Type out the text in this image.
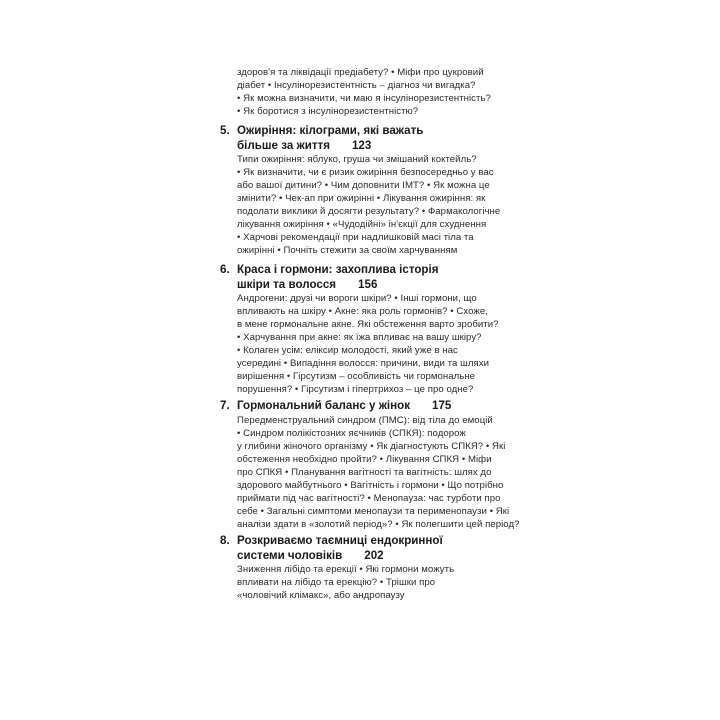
здоров'я та ліквідації предіабету? • Міфи про цукровий
діабет • Інсулінорезистентність – діагноз чи вигадка?
• Як можна визначити, чи маю я інсулінорезистентність?
• Як боротися з інсулінорезистентністю?
5. Ожиріння: кілограми, які важать
більше за життя 123
Типи ожиріння: яблуко, груша чи змішаний коктейль?
• Як визначити, чи є ризик ожиріння безпосередньо у вас
або вашої дитини? • Чим доповнити ІМТ? • Як можна це
змінити? • Чек-ап при ожирінні • Лікування ожиріння: як
подолати виклики й досягти результату? • Фармакологічне
лікування ожиріння • «Чудодійні» ін'єкції для схуднення
• Харчові рекомендації при надлишковій масі тіла та
ожирінні • Почніть стежити за своїм харчуванням
6. Краса і гормони: захоплива історія
шкіри та волосся 156
Андрогени: друзі чи вороги шкіри? • Інші гормони, що
впливають на шкіру • Акне: яка роль гормонів? • Схоже,
в мене гормональне акне. Які обстеження варто зробити?
• Харчування при акне: як їжа впливає на вашу шкіру?
• Колаген усім: еліксир молодості, який уже в нас
усередині • Випадіння волосся: причини, види та шляхи
вирішення • Гірсутизм – особливість чи гормональне
порушення? • Гірсутизм і гіпертрихоз – це про одне?
7. Гормональний баланс у жінок 175
Передменструальний синдром (ПМС): від тіла до емоцій
• Синдром полікістозних яєчників (СПКЯ): подорож
у глибини жіночого організму • Як діагностують СПКЯ? • Які
обстеження необхідно пройти? • Лікування СПКЯ • Міфи
про СПКЯ • Планування вагітності та вагітність: шлях до
здорового майбутнього • Вагітність і гормони • Що потрібно
приймати під час вагітності? • Менопауза: час турботи про
себе • Загальні симптоми менопаузи та перименопаузи • Які
аналізи здати в «золотий період»? • Як полегшити цей період?
8. Розкриваємо таємниці ендокринної
системи чоловіків 202
Зниження лібідо та ерекції • Які гормони можуть
впливати на лібідо та ерекцію? • Трішки про
«чоловічий клімакс», або андропаузу
